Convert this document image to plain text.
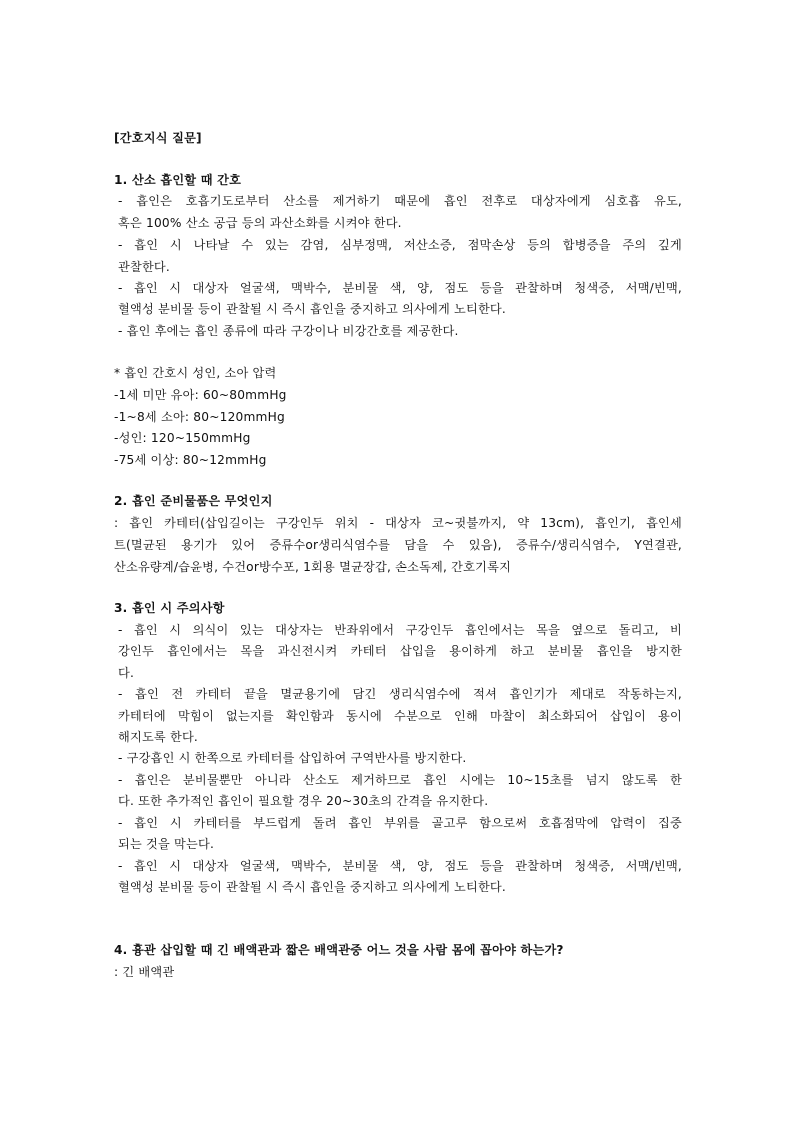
[간호지식 질문]
1. 산소 흡인할 때 간호
- 흡인은 호흡기도로부터 산소를 제거하기 때문에 흡인 전후로 대상자에게 심호흡 유도,
혹은 100% 산소 공급 등의 과산소화를 시켜야 한다.
- 흡인 시 나타날 수 있는 감염, 심부정맥, 저산소증, 점막손상 등의 합병증을 주의 깊게
관찰한다.
- 흡인 시 대상자 얼굴색, 맥박수, 분비물 색, 양, 점도 등을 관찰하며 청색증, 서맥/빈맥,
혈액성 분비물 등이 관찰될 시 즉시 흡인을 중지하고 의사에게 노티한다.
- 흡인 후에는 흡인 종류에 따라 구강이나 비강간호를 제공한다.
* 흡인 간호시 성인, 소아 압력
-1세 미만 유아: 60~80mmHg
-1~8세 소아: 80~120mmHg
-성인: 120~150mmHg
-75세 이상: 80~12mmHg
2. 흡인 준비물품은 무엇인지
: 흡인 카테터(삽입길이는 구강인두 위치 - 대상자 코~귓불까지, 약 13cm), 흡인기, 흡인세
트(멸균된 용기가 있어 증류수or생리식염수를 담을 수 있음), 증류수/생리식염수, Y연결관,
산소유량계/습윤병, 수건or방수포, 1회용 멸균장갑, 손소독제, 간호기록지
3. 흡인 시 주의사항
- 흡인 시 의식이 있는 대상자는 반좌위에서 구강인두 흡인에서는 목을 옆으로 돌리고, 비
강인두 흡인에서는 목을 과신전시켜 카테터 삽입을 용이하게 하고 분비물 흡인을 방지한
다.
- 흡인 전 카테터 끝을 멸균용기에 담긴 생리식염수에 적셔 흡인기가 제대로 작동하는지,
카테터에 막힘이 없는지를 확인함과 동시에 수분으로 인해 마찰이 최소화되어 삽입이 용이
해지도록 한다.
- 구강흡인 시 한쪽으로 카테터를 삽입하여 구역반사를 방지한다.
- 흡인은 분비물뿐만 아니라 산소도 제거하므로 흡인 시에는 10~15초를 넘지 않도록 한
다. 또한 추가적인 흡인이 필요할 경우 20~30초의 간격을 유지한다.
- 흡인 시 카테터를 부드럽게 돌려 흡인 부위를 골고루 함으로써 호흡점막에 압력이 집중
되는 것을 막는다.
- 흡인 시 대상자 얼굴색, 맥박수, 분비물 색, 양, 점도 등을 관찰하며 청색증, 서맥/빈맥,
혈액성 분비물 등이 관찰될 시 즉시 흡인을 중지하고 의사에게 노티한다.
4. 흉관 삽입할 때 긴 배액관과 짧은 배액관중 어느 것을 사람 몸에 꼽아야 하는가?
: 긴 배액관
